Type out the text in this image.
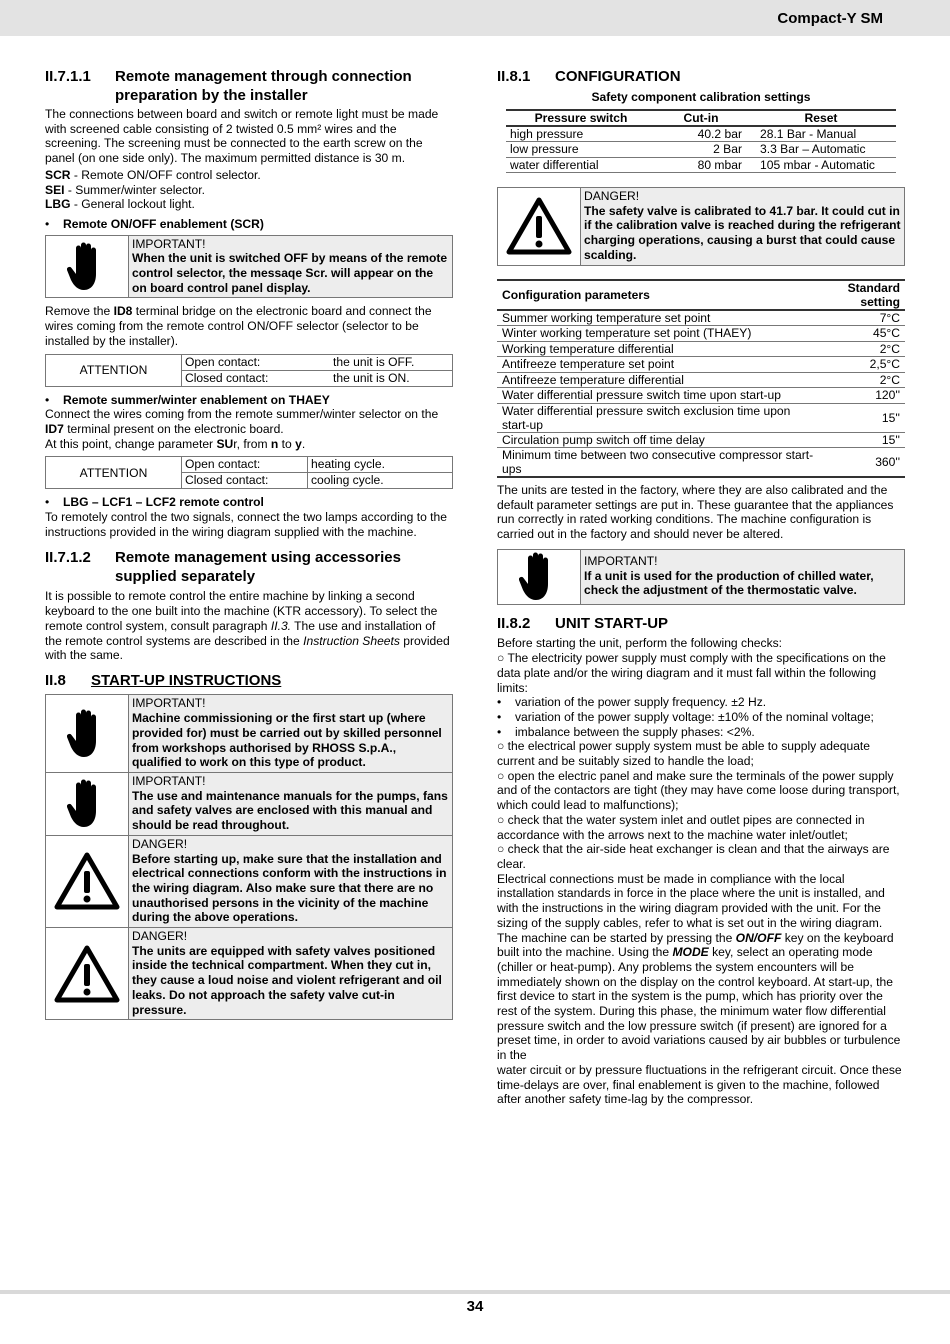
Compact-Y SM
II.7.1.1	Remote management through connection preparation by the installer

The connections between board and switch or remote light must be made with screened cable consisting of 2 twisted 0.5 mm² wires and the screening. The screening must be connected to the earth screw on the panel (on one side only). The maximum permitted distance is 30 m.

SCR - Remote ON/OFF control selector.

SEI - Summer/winter selector.

LBG - General lockout light.

•	Remote ON/OFF enablement (SCR)
IMPORTANT!
When the unit is switched OFF by means of the remote control selector, the messaqe Scr. will appear on the on board control panel display.

Remove the ID8 terminal bridge on the electronic board and connect the wires coming from the remote control ON/OFF selector (selector to be installed by the installer).

ATTENTION
Open contact:	the unit is OFF.
Closed contact:	the unit is ON.
•	Remote summer/winter enablement on THAEY

Connect the wires coming from the remote summer/winter selector on the ID7 terminal present on the electronic board.

At this point, change parameter SUr, from n to y.

ATTENTION
Open contact:	heating cycle.
Closed contact:	cooling cycle.
•	LBG – LCF1 – LCF2 remote control

To remotely control the two signals, connect the two lamps according to the instructions provided in the wiring diagram supplied with the machine.

II.7.1.2	Remote management using accessories supplied separately

It is possible to remote control the entire machine by linking a second keyboard to the one built into the machine (KTR accessory). To select the remote control system, consult paragraph II.3. The use and installation of the remote control systems are described in the Instruction Sheets provided with the same.

II.8	START-UP INSTRUCTIONS
IMPORTANT!
Machine commissioning or the first start up (where provided for) must be carried out by skilled personnel from workshops authorised by RHOSS S.p.A., qualified to work on this type of product.
IMPORTANT!
The use and maintenance manuals for the pumps, fans and safety valves are enclosed with this manual and should be read throughout.
DANGER!
Before starting up, make sure that the installation and electrical connections conform with the instructions in the wiring diagram. Also make sure that there are no unauthorised persons in the vicinity of the machine during the above operations.
DANGER!
The units are equipped with safety valves positioned inside the technical compartment. When they cut in, they cause a loud noise and violent refrigerant and oil leaks. Do not approach the safety valve cut-in pressure.
II.8.1	CONFIGURATION
Safety component calibration settings
Pressure switch	Cut-in	Reset
high pressure	40.2 bar	28.1 Bar - Manual
low pressure	2 Bar	3.3 Bar – Automatic
water differential	80 mbar	105 mbar - Automatic
DANGER!
The safety valve is calibrated to 41.7 bar. It could cut in if the calibration valve is reached during the refrigerant charging operations, causing a burst that could cause scalding.
Configuration parameters	Standard setting
Summer working temperature set point	7°C
Winter working temperature set point (THAEY)	45°C
Working temperature differential	2°C
Antifreeze temperature set point	2,5°C
Antifreeze temperature differential	2°C
Water differential pressure switch time upon start-up	120''
Water differential pressure switch exclusion time upon start-up	15''
Circulation pump switch off time delay	15''
Minimum time between two consecutive compressor start-ups	360''

The units are tested in the factory, where they are also calibrated and the default parameter settings are put in. These guarantee that the appliances run correctly in rated working conditions. The machine configuration is carried out in the factory and should never be altered.

IMPORTANT!
If a unit is used for the production of chilled water, check the adjustment of the thermostatic valve.
II.8.2	UNIT START-UP

Before starting the unit, perform the following checks:

○ The electricity power supply must comply with the specifications on the data plate and/or the wiring diagram and it must fall within the following limits:

•	variation of the power supply frequency. ±2 Hz.
•	variation of the power supply voltage: ±10% of the nominal voltage;
•	imbalance between the supply phases: <2%.

○ the electrical power supply system must be able to supply adequate current and be suitably sized to handle the load;

○ open the electric panel and make sure the terminals of the power supply and of the contactors are tight (they may have come loose during transport, which could lead to malfunctions);

○ check that the water system inlet and outlet pipes are connected in accordance with the arrows next to the machine water inlet/outlet;

○ check that the air-side heat exchanger is clean and that the airways are clear.

Electrical connections must be made in compliance with the local installation standards in force in the place where the unit is installed, and with the instructions in the wiring diagram provided with the unit. For the sizing of the supply cables, refer to what is set out in the wiring diagram.

The machine can be started by pressing the ON/OFF key on the keyboard built into the machine. Using the MODE key, select an operating mode (chiller or heat-pump). Any problems the system encounters will be immediately shown on the display on the control keyboard. At start-up, the first device to start in the system is the pump, which has priority over the rest of the system. During this phase, the minimum water flow differential pressure switch and the low pressure switch (if present) are ignored for a preset time, in order to avoid variations caused by air bubbles or turbulence in the

water circuit or by pressure fluctuations in the refrigerant circuit. Once these time-delays are over, final enablement is given to the machine, followed after another safety time-lag by the compressor.

34
